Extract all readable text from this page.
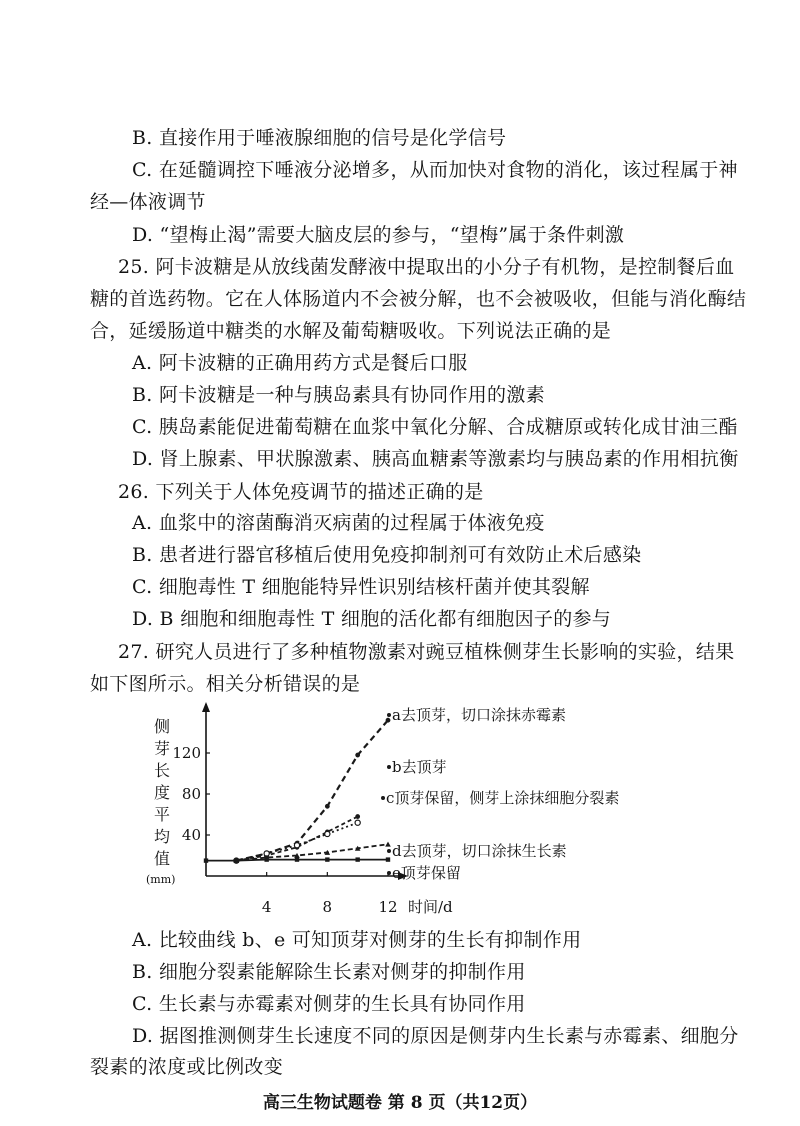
B. 直接作用于唾液腺细胞的信号是化学信号
C. 在延髓调控下唾液分泌增多，从而加快对食物的消化，该过程属于神
经—体液调节
D. “望梅止渴”需要大脑皮层的参与，“望梅”属于条件刺激
25. 阿卡波糖是从放线菌发酵液中提取出的小分子有机物，是控制餐后血
糖的首选药物。它在人体肠道内不会被分解，也不会被吸收，但能与消化酶结
合，延缓肠道中糖类的水解及葡萄糖吸收。下列说法正确的是
A. 阿卡波糖的正确用药方式是餐后口服
B. 阿卡波糖是一种与胰岛素具有协同作用的激素
C. 胰岛素能促进葡萄糖在血浆中氧化分解、合成糖原或转化成甘油三酯
D. 肾上腺素、甲状腺激素、胰高血糖素等激素均与胰岛素的作用相抗衡
26. 下列关于人体免疫调节的描述正确的是
A. 血浆中的溶菌酶消灭病菌的过程属于体液免疫
B. 患者进行器官移植后使用免疫抑制剂可有效防止术后感染
C. 细胞毒性 T 细胞能特异性识别结核杆菌并使其裂解
D. B 细胞和细胞毒性 T 细胞的活化都有细胞因子的参与
27. 研究人员进行了多种植物激素对豌豆植株侧芽生长影响的实验，结果
如下图所示。相关分析错误的是
侧
芽
长
度
平
均
值
(mm)
4	8	12
40
80
120
a去顶芽，切口涂抹赤霉素
b去顶芽
c顶芽保留，侧芽上涂抹细胞分裂素
d去顶芽，切口涂抹生长素
e顶芽保留
时间/d
A. 比较曲线 b、e 可知顶芽对侧芽的生长有抑制作用
B. 细胞分裂素能解除生长素对侧芽的抑制作用
C. 生长素与赤霉素对侧芽的生长具有协同作用
D. 据图推测侧芽生长速度不同的原因是侧芽内生长素与赤霉素、细胞分
裂素的浓度或比例改变
高三生物试题卷 第 8 页（共12页）
